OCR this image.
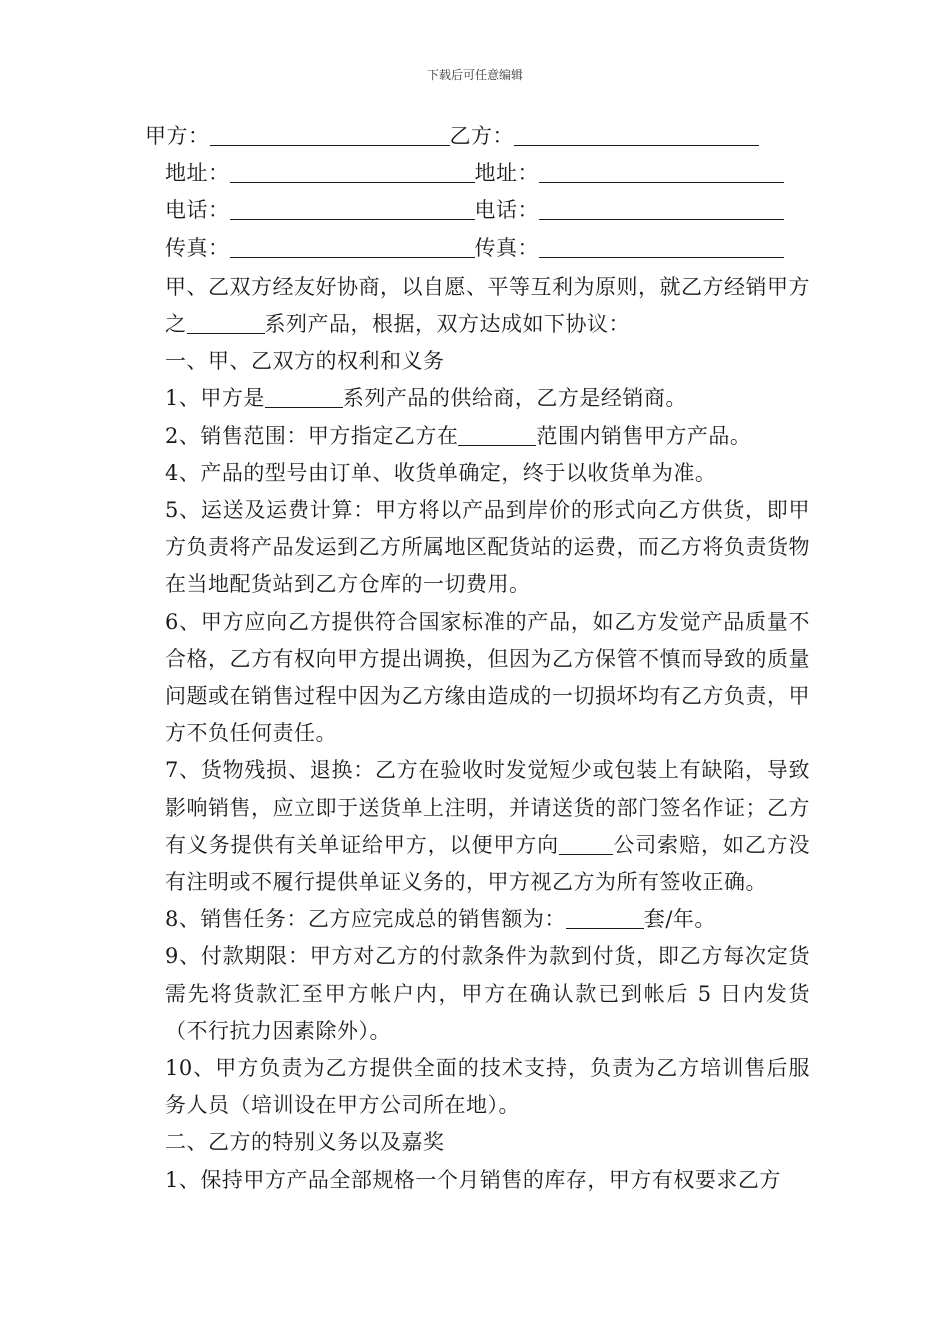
下载后可任意编辑
甲方：	乙方：
地址：	地址：
电话：	电话：
传真：	传真：
甲、乙双方经友好协商，以自愿、平等互利为原则，就乙方经销甲方之	系列产品，根据，双方达成如下协议：
一、甲、乙双方的权利和义务
1、甲方是	系列产品的供给商，乙方是经销商。
2、销售范围：甲方指定乙方在	范围内销售甲方产品。
4、产品的型号由订单、收货单确定，终于以收货单为准。
5、运送及运费计算：甲方将以产品到岸价的形式向乙方供货，即甲方负责将产品发运到乙方所属地区配货站的运费，而乙方将负责货物在当地配货站到乙方仓库的一切费用。
6、甲方应向乙方提供符合国家标准的产品，如乙方发觉产品质量不合格，乙方有权向甲方提出调换，但因为乙方保管不慎而导致的质量问题或在销售过程中因为乙方缘由造成的一切损坏均有乙方负责，甲方不负任何责任。
7、货物残损、退换：乙方在验收时发觉短少或包装上有缺陷，导致影响销售，应立即于送货单上注明，并请送货的部门签名作证；乙方有义务提供有关单证给甲方，以便甲方向	公司索赔，如乙方没有注明或不履行提供单证义务的，甲方视乙方为所有签收正确。
8、销售任务：乙方应完成总的销售额为：	套/年。
9、付款期限：甲方对乙方的付款条件为款到付货，即乙方每次定货需先将货款汇至甲方帐户内，甲方在确认款已到帐后 5 日内发货（不行抗力因素除外）。
10、甲方负责为乙方提供全面的技术支持，负责为乙方培训售后服务人员（培训设在甲方公司所在地）。
二、乙方的特别义务以及嘉奖
1、保持甲方产品全部规格一个月销售的库存，甲方有权要求乙方
